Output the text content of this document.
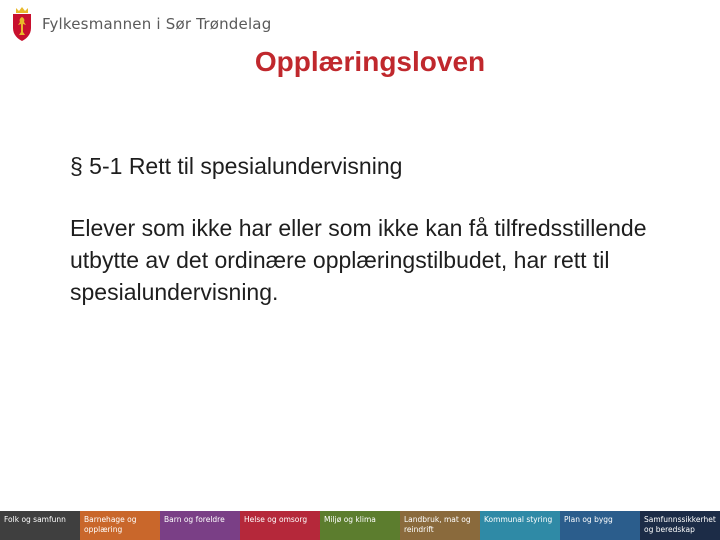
Fylkesmannen i Sør Trøndelag
Opplæringsloven
§ 5-1 Rett til spesialundervisning
Elever som ikke har eller som ikke kan få tilfredsstillende utbytte av det ordinære opplæringstilbudet, har rett til spesialundervisning.
Folk og samfunn	Barnehage og opplæring
Barn og foreldre	Helse og omsorg	Miljø og klima	Landbruk, mat og reindrift
Kommunal styring	Plan og bygg	Samfunnssikkerhet og beredskap
